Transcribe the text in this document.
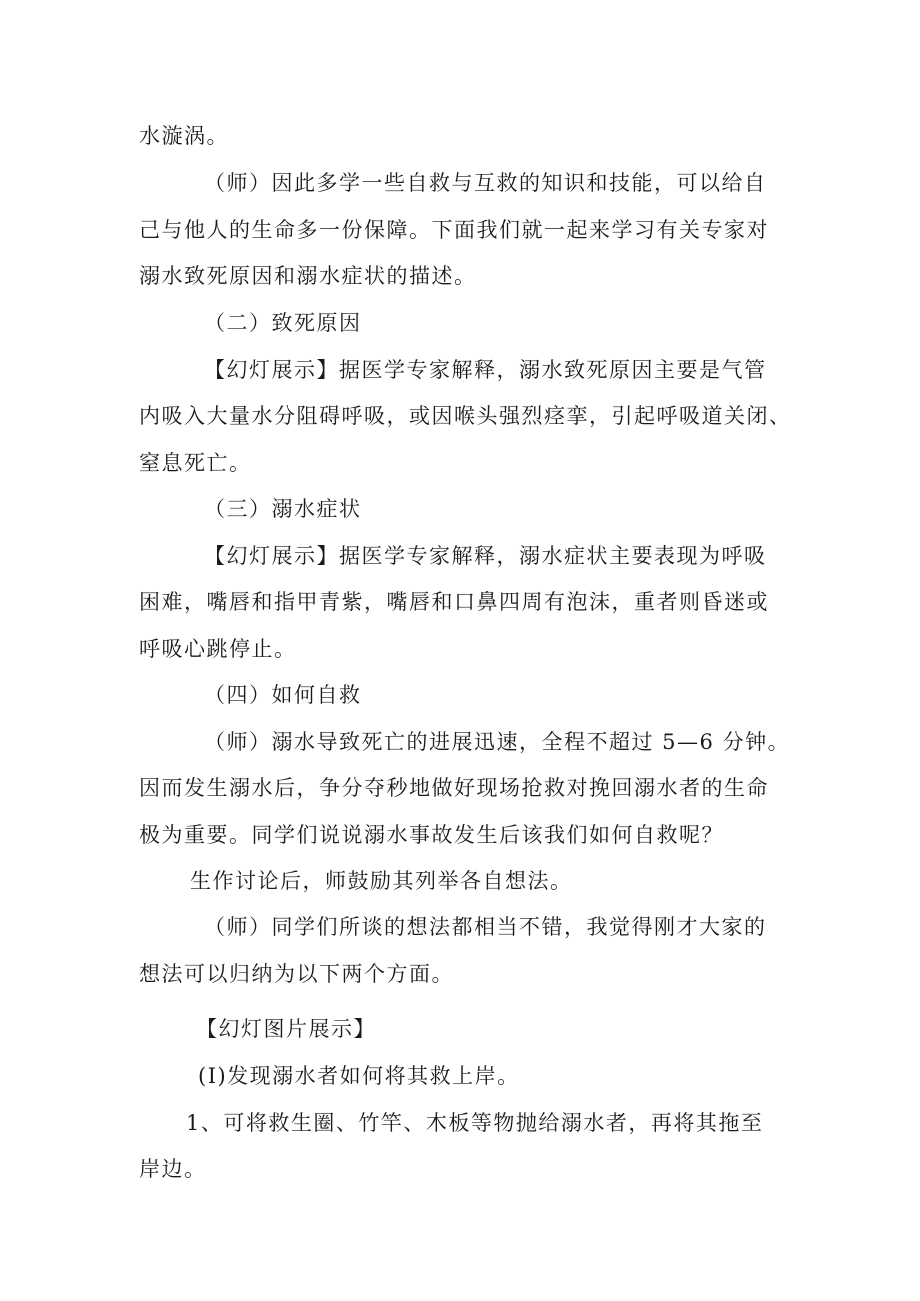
水漩涡。
（师）因此多学一些自救与互救的知识和技能，可以给自
己与他人的生命多一份保障。下面我们就一起来学习有关专家对
溺水致死原因和溺水症状的描述。
（二）致死原因
【幻灯展示】据医学专家解释，溺水致死原因主要是气管
内吸入大量水分阻碍呼吸，或因喉头强烈痉挛，引起呼吸道关闭、
窒息死亡。
（三）溺水症状
【幻灯展示】据医学专家解释，溺水症状主要表现为呼吸
困难，嘴唇和指甲青紫，嘴唇和口鼻四周有泡沫，重者则昏迷或
呼吸心跳停止。
（四）如何自救
（师）溺水导致死亡的进展迅速，全程不超过 5—6 分钟。
因而发生溺水后，争分夺秒地做好现场抢救对挽回溺水者的生命
极为重要。同学们说说溺水事故发生后该我们如何自救呢？
生作讨论后，师鼓励其列举各自想法。
（师）同学们所谈的想法都相当不错，我觉得刚才大家的
想法可以归纳为以下两个方面。
【幻灯图片展示】
(I)发现溺水者如何将其救上岸。
1、可将救生圈、竹竿、木板等物抛给溺水者，再将其拖至
岸边。
